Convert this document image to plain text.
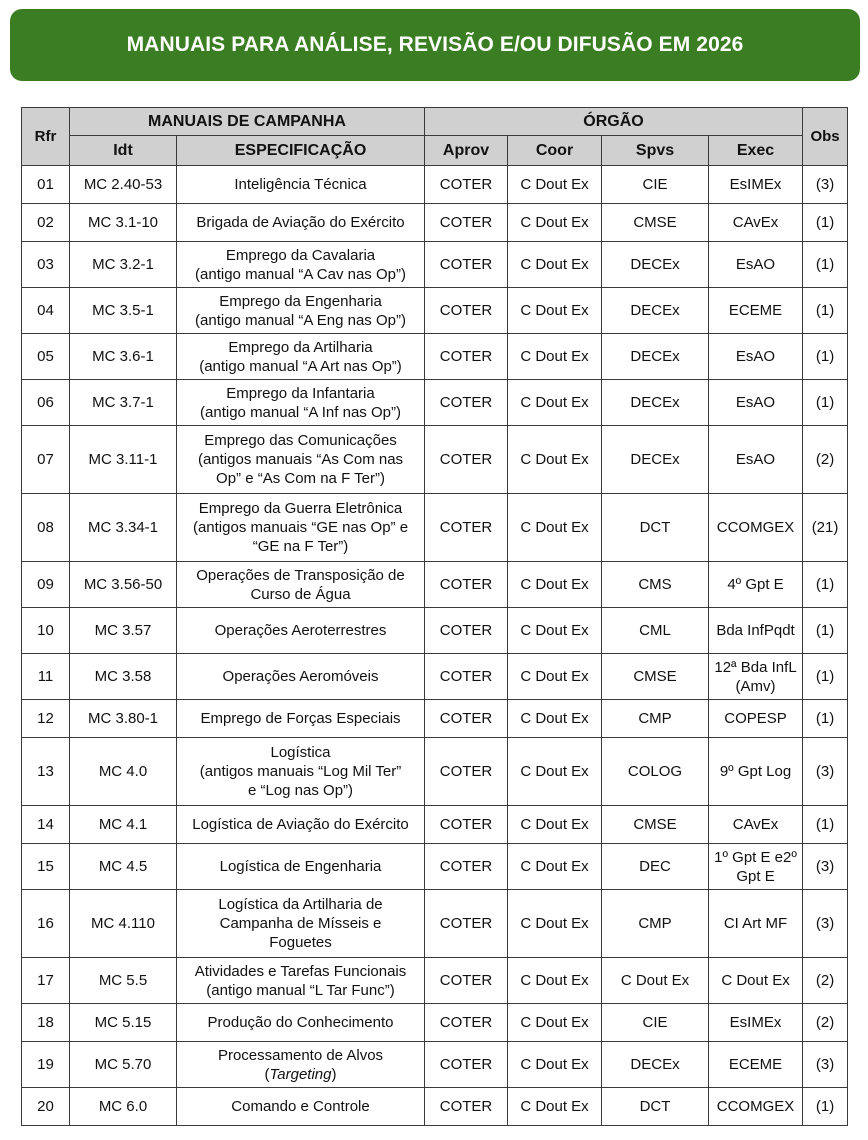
MANUAIS PARA ANÁLISE, REVISÃO E/OU DIFUSÃO EM 2026
Rfr	MANUAIS DE CAMPANHA		ÓRGÃO				Obs
	Idt	ESPECIFICAÇÃO	Aprov	Coor	Spvs	Exec	
01	MC 2.40-53	Inteligência Técnica	COTER	C Dout Ex	CIE	EsIMEx	(3)
02	MC 3.1-10	Brigada de Aviação do Exército	COTER	C Dout Ex	CMSE	CAvEx	(1)
03	MC 3.2-1	Emprego da Cavalaria
(antigo manual “A Cav nas Op”)	COTER	C Dout Ex	DECEx	EsAO	(1)
04	MC 3.5-1	Emprego da Engenharia
(antigo manual “A Eng nas Op”)	COTER	C Dout Ex	DECEx	ECEME	(1)
05	MC 3.6-1	Emprego da Artilharia
(antigo manual “A Art nas Op”)	COTER	C Dout Ex	DECEx	EsAO	(1)
06	MC 3.7-1	Emprego da Infantaria
(antigo manual “A Inf nas Op”)	COTER	C Dout Ex	DECEx	EsAO	(1)
07	MC 3.11-1	Emprego das Comunicações
(antigos manuais “As Com nas
Op” e “As Com na F Ter”)	COTER	C Dout Ex	DECEx	EsAO	(2)
08	MC 3.34-1	Emprego da Guerra Eletrônica
(antigos manuais “GE nas Op” e
“GE na F Ter”)	COTER	C Dout Ex	DCT	CCOMGEX	(21)
09	MC 3.56-50	Operações de Transposição de
Curso de Água	COTER	C Dout Ex	CMS	4º Gpt E	(1)
10	MC 3.57	Operações Aeroterrestres	COTER	C Dout Ex	CML	Bda InfPqdt	(1)
11	MC 3.58	Operações Aeromóveis	COTER	C Dout Ex	CMSE	12ª Bda InfL (Amv)	(1)
12	MC 3.80-1	Emprego de Forças Especiais	COTER	C Dout Ex	CMP	COPESP	(1)
13	MC 4.0	Logística
(antigos manuais “Log Mil Ter”
e “Log nas Op”)	COTER	C Dout Ex	COLOG	9º Gpt Log	(3)
14	MC 4.1	Logística de Aviação do Exército	COTER	C Dout Ex	CMSE	CAvEx	(1)
15	MC 4.5	Logística de Engenharia	COTER	C Dout Ex	DEC	1º Gpt E e2º Gpt E	(3)
16	MC 4.110	Logística da Artilharia de
Campanha de Mísseis e
Foguetes	COTER	C Dout Ex	CMP	CI Art MF	(3)
17	MC 5.5	Atividades e Tarefas Funcionais
(antigo manual “L Tar Func”)	COTER	C Dout Ex	C Dout Ex	C Dout Ex	(2)
18	MC 5.15	Produção do Conhecimento	COTER	C Dout Ex	CIE	EsIMEx	(2)
19	MC 5.70	Processamento de Alvos
(Targeting)	COTER	C Dout Ex	DECEx	ECEME	(3)
20	MC 6.0	Comando e Controle	COTER	C Dout Ex	DCT	CCOMGEX	(1)
